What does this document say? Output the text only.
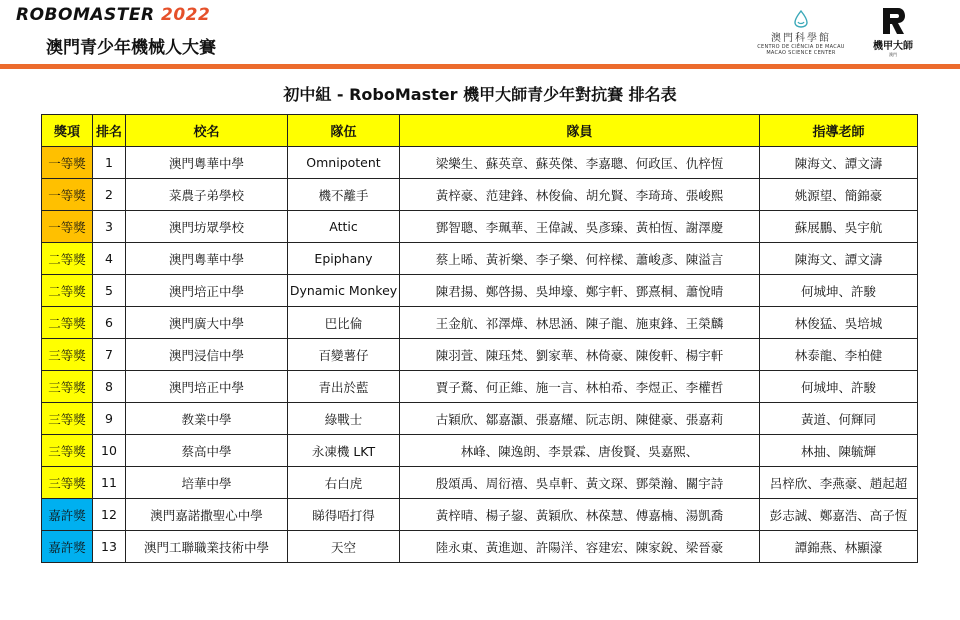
ROBOMASTER 2022
澳門青少年機械人大賽	澳門科學館
CENTRO DE CIÊNCIA DE MACAU
MACAO SCIENCE CENTER
機甲大師
澳門
初中組 - RoboMaster 機甲大師青少年對抗賽 排名表
獎項	排名	校名	隊伍	隊員	指導老師
一等獎	1	澳門粵華中學	Omnipotent	梁樂生、蘇英章、蘇英傑、李嘉聰、何政匡、仇梓恆	陳海文、譚文濤
一等獎	2	菜農子弟學校	機不離手	黃梓豪、范建鋒、林俊倫、胡允賢、李琦琦、張峻熙	姚源望、簡錦豪
一等獎	3	澳門坊眾學校	Attic	鄧智聰、李珮華、王偉誠、吳彥臻、黃柏恆、謝澤慶	蘇展鵬、吳宇航
二等獎	4	澳門粵華中學	Epiphany	蔡上晞、黃祈樂、李子樂、何梓樑、蕭峻彥、陳溢言	陳海文、譚文濤
二等獎	5	澳門培正中學	Dynamic Monkey	陳君揚、鄭啓揚、吳坤壕、鄭宇軒、鄧熹桐、蕭悅晴	何城坤、許駿
二等獎	6	澳門廣大中學	巴比倫	王金航、祁澤燁、林思涵、陳子龍、施東鋒、王榮麟	林俊猛、吳培城
三等獎	7	澳門浸信中學	百變薯仔	陳羽萱、陳珏梵、劉家華、林倚豪、陳俊軒、楊宇軒	林泰龍、李柏健
三等獎	8	澳門培正中學	青出於藍	賈子騖、何正維、施一言、林柏希、李煜正、李權哲	何城坤、許駿
三等獎	9	教業中學	綠戰士	古穎欣、鄒嘉灝、張嘉耀、阮志朗、陳健豪、張嘉莉	黃道、何輝同
三等獎	10	蔡高中學	永凍機 LKT	林峰、陳逸朗、李景霖、唐俊賢、吳嘉熙、	林抽、陳毓輝
三等獎	11	培華中學	右白虎	殷頌禹、周衍禧、吳卓軒、黃文琛、鄧榮瀚、關宇詩	呂梓欣、李燕豪、趙起超
嘉許獎	12	澳門嘉諾撒聖心中學	睇得唔打得	黃梓晴、楊子鋆、黃穎欣、林葆慧、傅嘉楠、湯凱喬	彭志誠、鄭嘉浩、高子恆
嘉許獎	13	澳門工聯職業技術中學	天空	陸永東、黃進迦、許陽洋、容建宏、陳家銳、梁晉豪	譚錦燕、林顯濠
